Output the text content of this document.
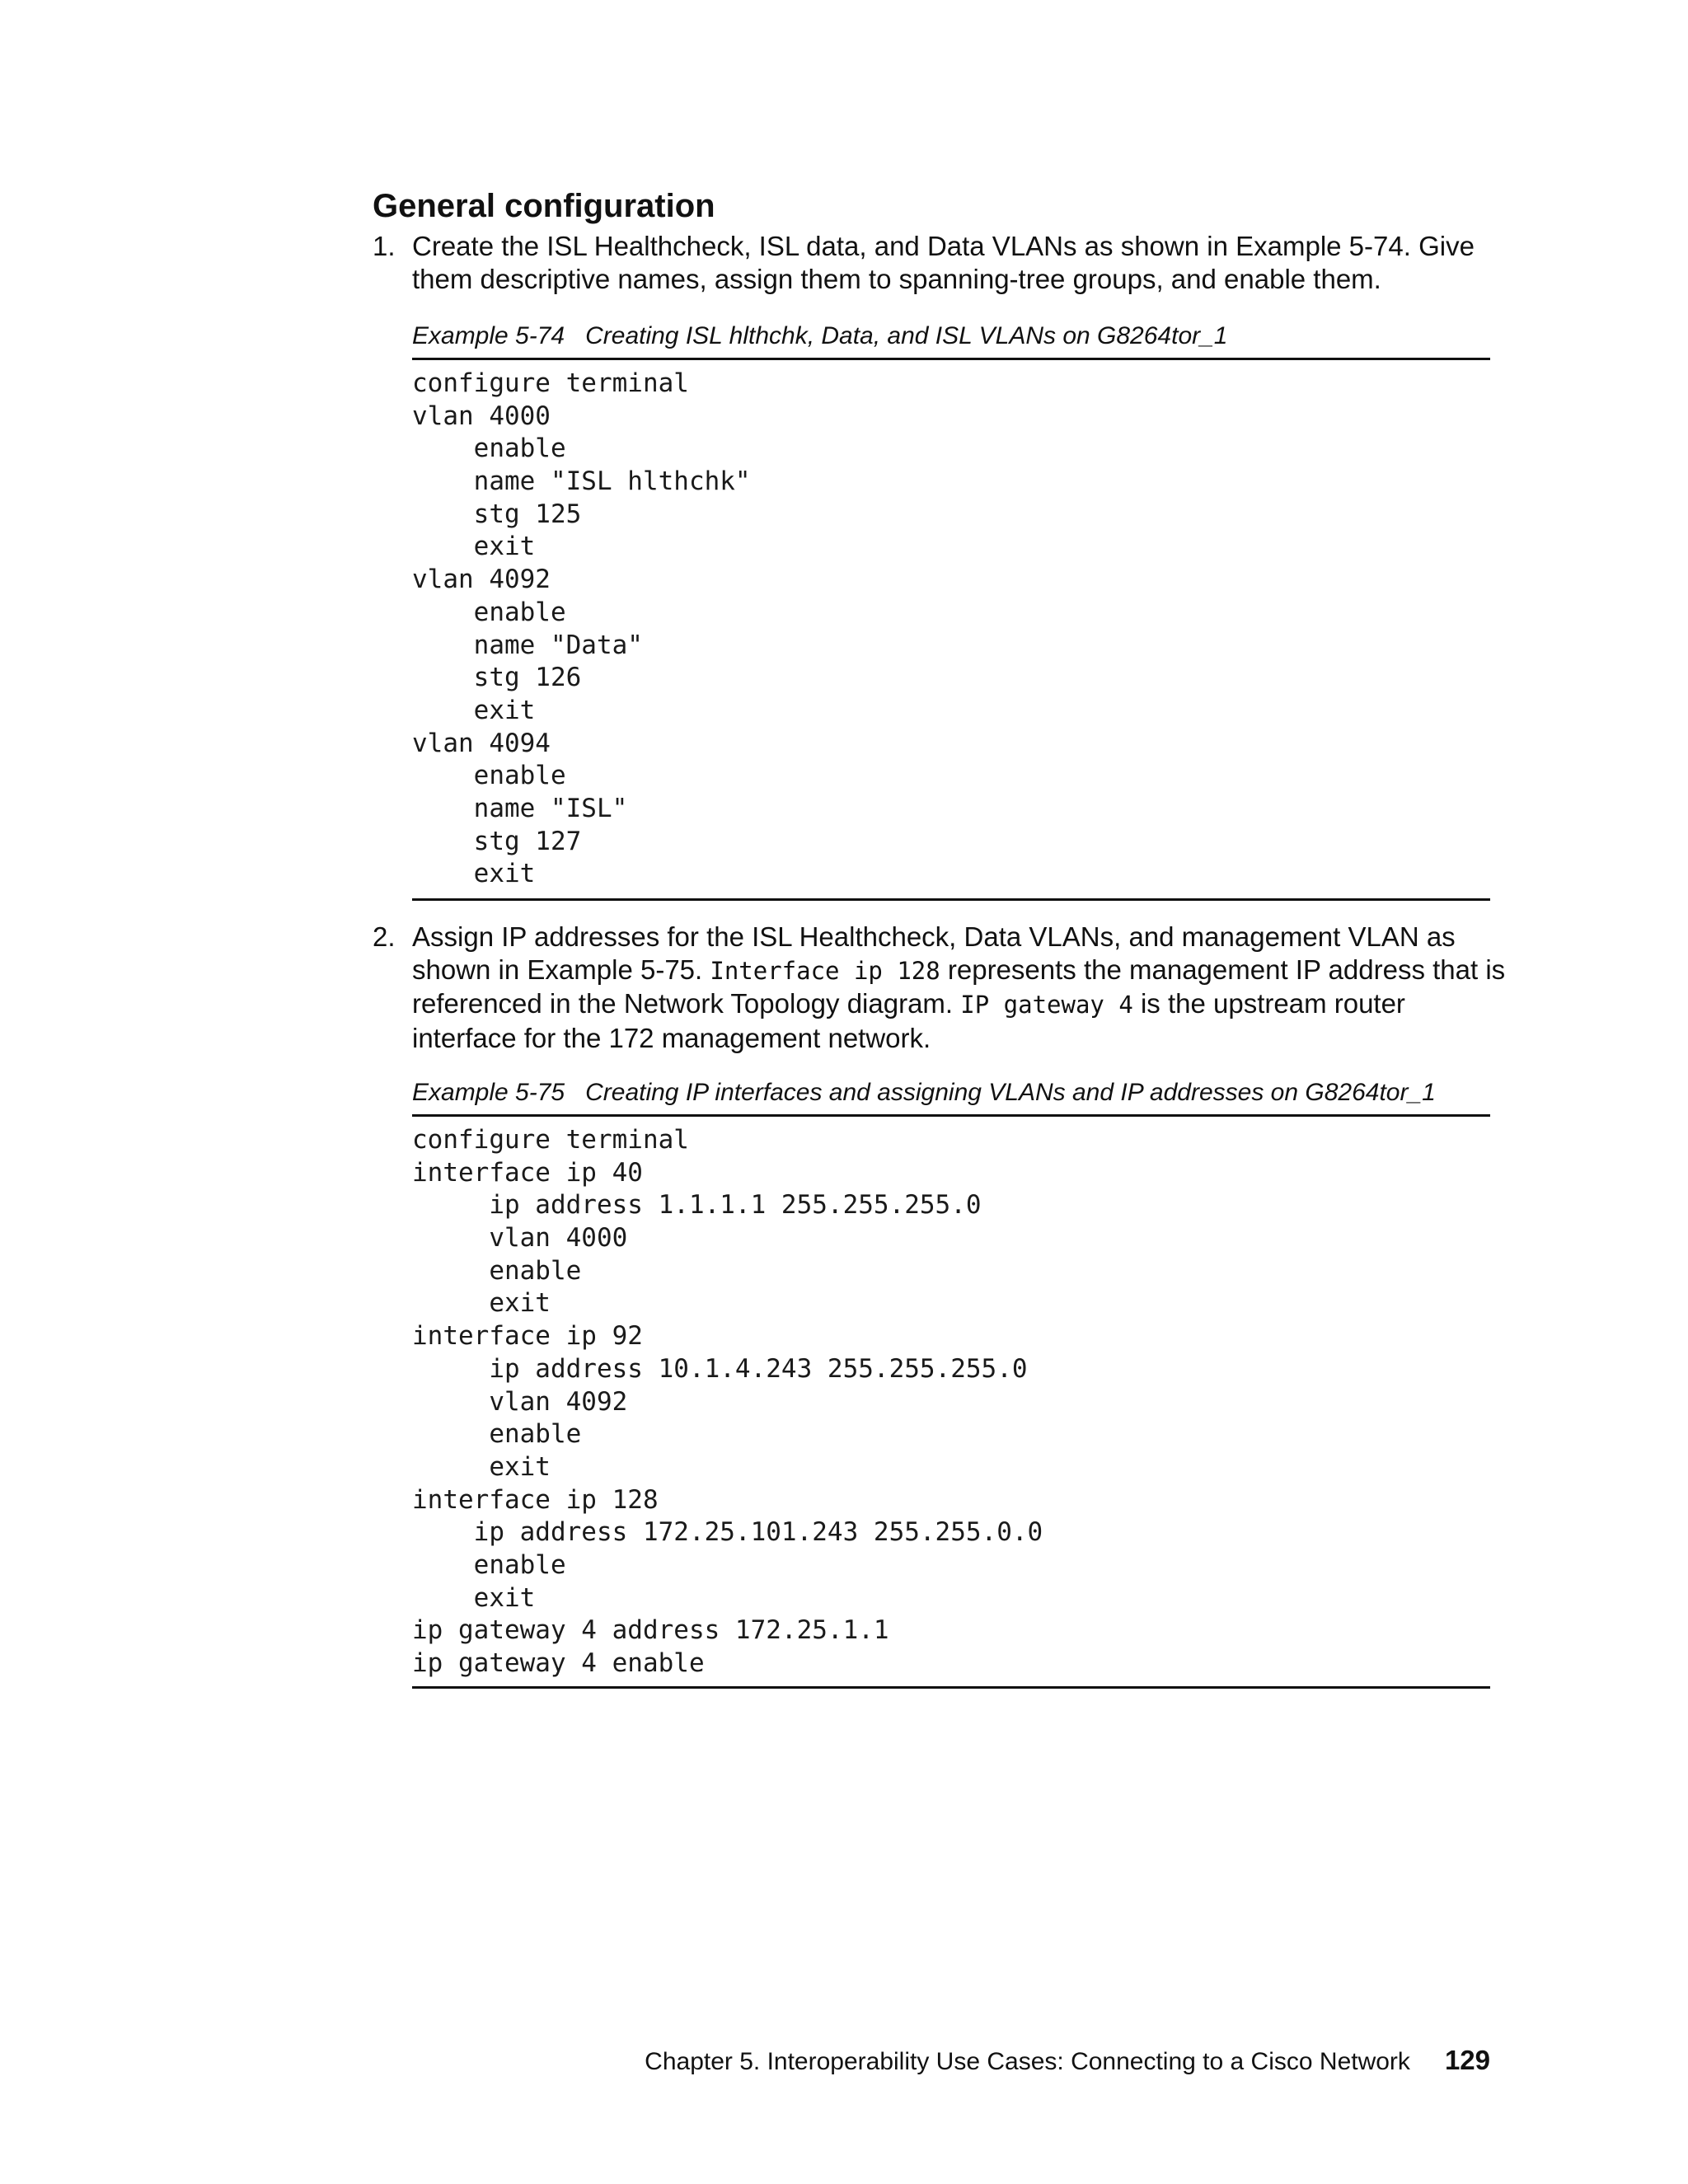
General configuration
1. Create the ISL Healthcheck, ISL data, and Data VLANs as shown in Example 5-74. Give
them descriptive names, assign them to spanning-tree groups, and enable them.
Example 5-74   Creating ISL hlthchk, Data, and ISL VLANs on G8264tor_1
configure terminal
vlan 4000
enable
name "ISL hlthchk"
stg 125
exit
vlan 4092
enable
name "Data"
stg 126
exit
vlan 4094
enable
name "ISL"
stg 127
exit
2. Assign IP addresses for the ISL Healthcheck, Data VLANs, and management VLAN as
shown in Example 5-75. Interface ip 128 represents the management IP address that is
referenced in the Network Topology diagram. IP gateway 4 is the upstream router
interface for the 172 management network.
Example 5-75   Creating IP interfaces and assigning VLANs and IP addresses on G8264tor_1
configure terminal
interface ip 40
ip address 1.1.1.1 255.255.255.0
vlan 4000
enable
exit
interface ip 92
ip address 10.1.4.243 255.255.255.0
vlan 4092
enable
exit
interface ip 128
ip address 172.25.101.243 255.255.0.0
enable
exit
ip gateway 4 address 172.25.1.1
ip gateway 4 enable
Chapter 5. Interoperability Use Cases: Connecting to a Cisco Network 129
